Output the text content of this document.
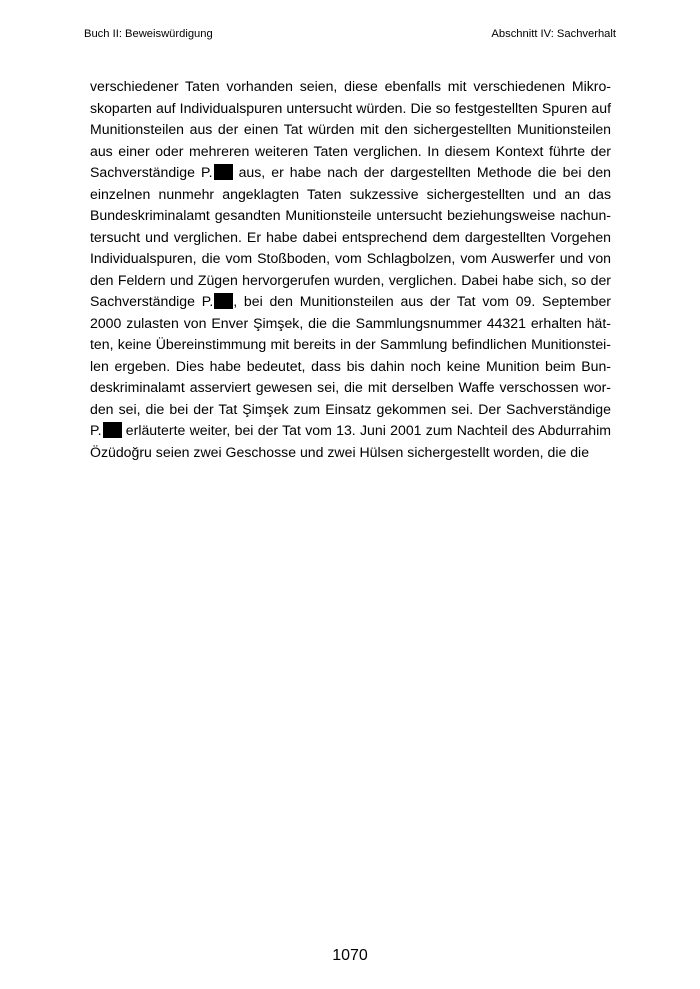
Buch II: Beweiswürdigung	Abschnitt IV: Sachverhalt
verschiedener Taten vorhanden seien, diese ebenfalls mit verschiedenen Mikro-
skoparten auf Individualspuren untersucht würden. Die so festgestellten Spuren auf
Munitionsteilen aus der einen Tat würden mit den sichergestellten Munitionsteilen
aus einer oder mehreren weiteren Taten verglichen. In diesem Kontext führte der
Sachverständige P. aus, er habe nach der dargestellten Methode die bei den
einzelnen nunmehr angeklagten Taten sukzessive sichergestellten und an das
Bundeskriminalamt gesandten Munitionsteile untersucht beziehungsweise nachun-
tersucht und verglichen. Er habe dabei entsprechend dem dargestellten Vorgehen
Individualspuren, die vom Stoßboden, vom Schlagbolzen, vom Auswerfer und von
den Feldern und Zügen hervorgerufen wurden, verglichen. Dabei habe sich, so der
Sachverständige P. , bei den Munitionsteilen aus der Tat vom 09. September
2000 zulasten von Enver Şimşek, die die Sammlungsnummer 44321 erhalten hät-
ten, keine Übereinstimmung mit bereits in der Sammlung befindlichen Munitionstei-
len ergeben. Dies habe bedeutet, dass bis dahin noch keine Munition beim Bun-
deskriminalamt asserviert gewesen sei, die mit derselben Waffe verschossen wor-
den sei, die bei der Tat Şimşek zum Einsatz gekommen sei. Der Sachverständige
P. erläuterte weiter, bei der Tat vom 13. Juni 2001 zum Nachteil des Abdurrahim
Özüdoğru seien zwei Geschosse und zwei Hülsen sichergestellt worden, die die
1070
